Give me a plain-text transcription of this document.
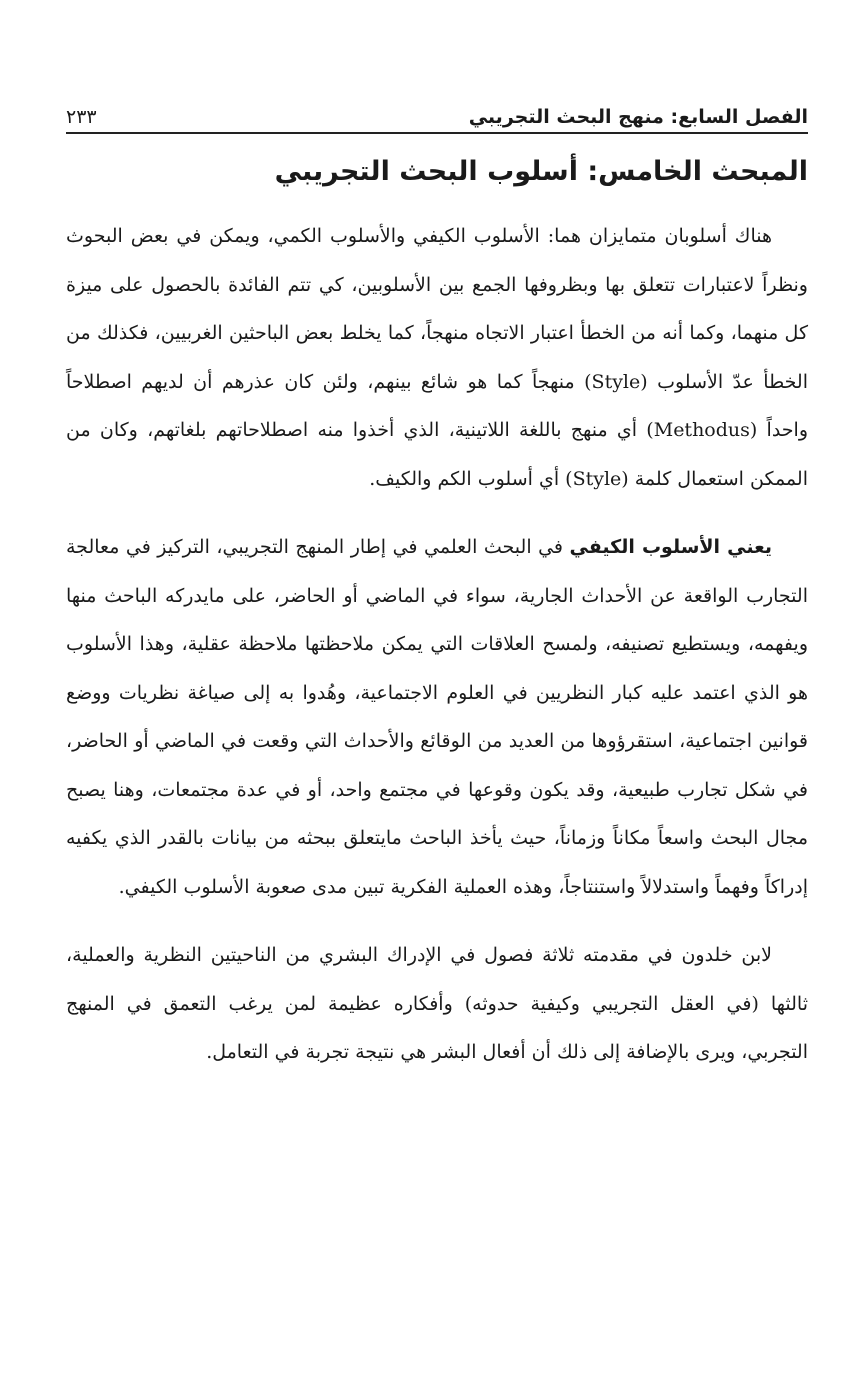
الفصل السابع: منهج البحث التجريبي
٢٣٣
المبحث الخامس: أسلوب البحث التجريبي

هناك أسلوبان متمايزان هما: الأسلوب الكيفي والأسلوب الكمي، ويمكن في بعض البحوث ونظراً لاعتبارات تتعلق بها وبظروفها الجمع بين الأسلوبين، كي تتم الفائدة بالحصول على ميزة كل منهما، وكما أنه من الخطأ اعتبار الاتجاه منهجاً، كما يخلط بعض الباحثين الغربيين، فكذلك من الخطأ عدّ الأسلوب (Style) منهجاً كما هو شائع بينهم، ولئن كان عذرهم أن لديهم اصطلاحاً واحداً (Methodus) أي منهج باللغة اللاتينية، الذي أخذوا منه اصطلاحاتهم بلغاتهم، وكان من الممكن استعمال كلمة (Style) أي أسلوب الكم والكيف.

يعني الأسلوب الكيفي في البحث العلمي في إطار المنهج التجريبي، التركيز في معالجة التجارب الواقعة عن الأحداث الجارية، سواء في الماضي أو الحاضر، على مايدركه الباحث منها ويفهمه، ويستطيع تصنيفه، ولمسح العلاقات التي يمكن ملاحظتها ملاحظة عقلية، وهذا الأسلوب هو الذي اعتمد عليه كبار النظريين في العلوم الاجتماعية، وهُدوا به إلى صياغة نظريات ووضع قوانين اجتماعية، استقرؤوها من العديد من الوقائع والأحداث التي وقعت في الماضي أو الحاضر، في شكل تجارب طبيعية، وقد يكون وقوعها في مجتمع واحد، أو في عدة مجتمعات، وهنا يصبح مجال البحث واسعاً مكاناً وزماناً، حيث يأخذ الباحث مايتعلق ببحثه من بيانات بالقدر الذي يكفيه إدراكاً وفهماً واستدلالاً واستنتاجاً، وهذه العملية الفكرية تبين مدى صعوبة الأسلوب الكيفي.

لابن خلدون في مقدمته ثلاثة فصول في الإدراك البشري من الناحيتين النظرية والعملية، ثالثها (في العقل التجريبي وكيفية حدوثه) وأفكاره عظيمة لمن يرغب التعمق في المنهج التجربي، ويرى بالإضافة إلى ذلك أن أفعال البشر هي نتيجة تجربة في التعامل.
